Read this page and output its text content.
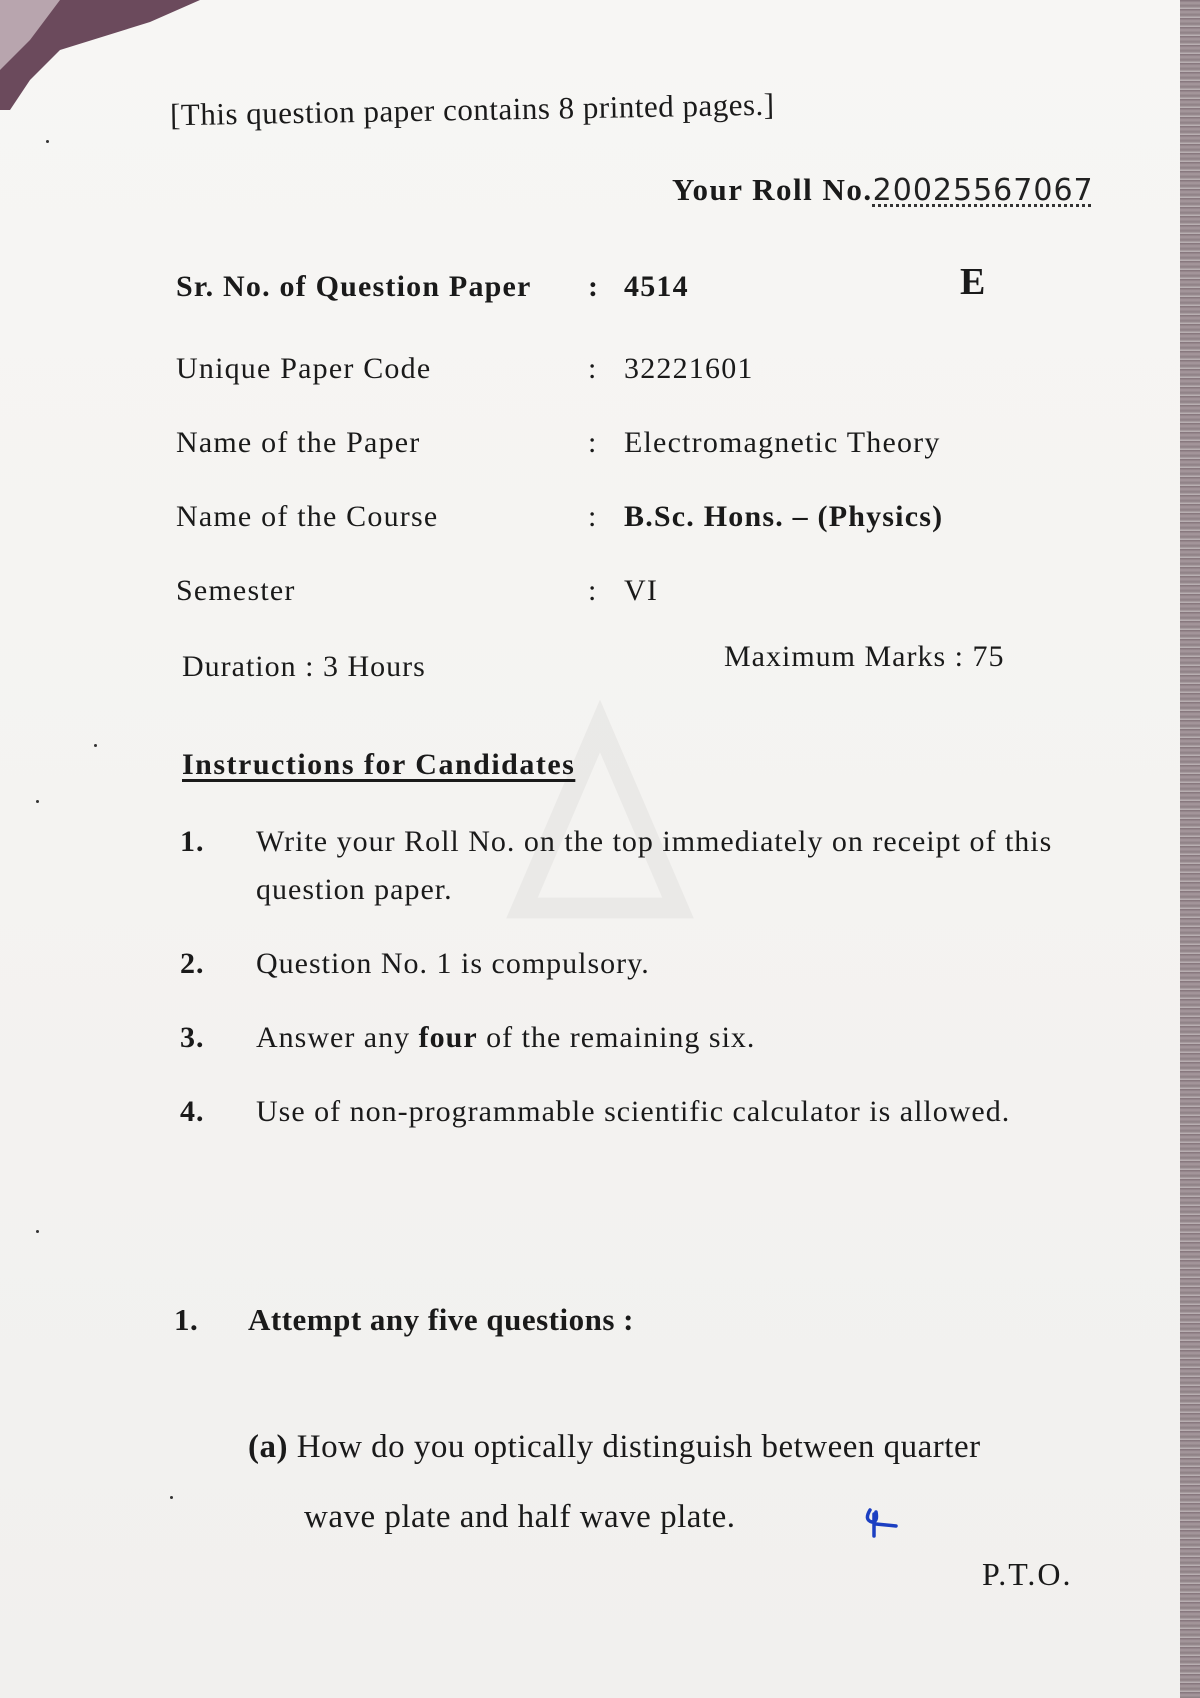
[This question paper contains 8 printed pages.]
Your Roll No.20025567067
E
Sr. No. of Question Paper : 4514
Unique Paper Code	: 32221601
Name of the Paper	: Electromagnetic Theory
Name of the Course	: B.Sc. Hons. – (Physics)
Semester	: VI
Duration : 3 Hours	Maximum Marks : 75
Instructions for Candidates
1. Write your Roll No. on the top immediately on receipt of this question paper.
2. Question No. 1 is compulsory.
3. Answer any four of the remaining six.
4. Use of non-programmable scientific calculator is allowed.
1. Attempt any five questions :
(a) How do you optically distinguish between quarter
wave plate and half wave plate.
P.T.O.
